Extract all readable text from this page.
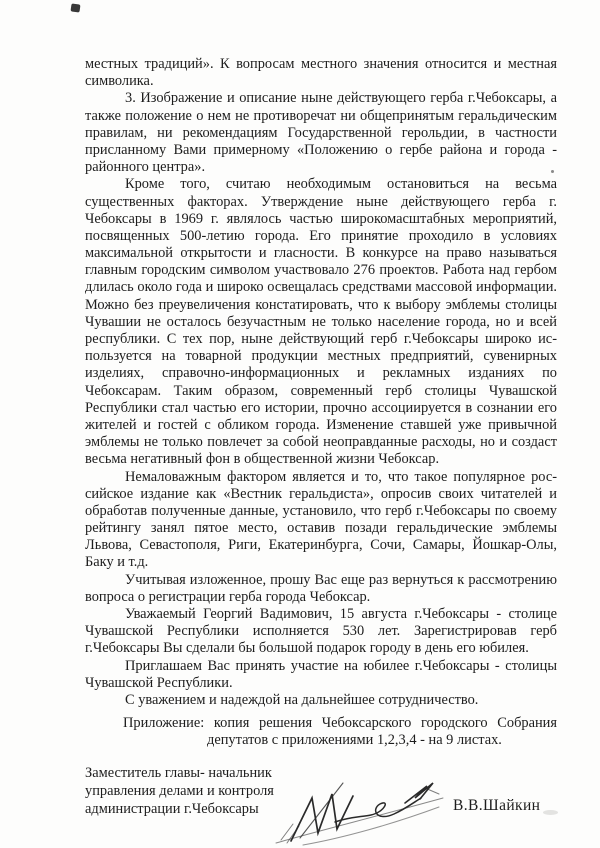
местных традиций». К вопросам местного значения относится и местная
символика.
3. Изображение и описание ныне действующего герба г.Чебоксары, а
также положение о нем не противоречат ни общепринятым геральдическим
правилам, ни рекомендациям Государственной герольдии, в частности
присланному Вами примерному «Положению о гербе района и города -
районного центра».
Кроме того, считаю необходимым остановиться на весьма
существенных факторах. Утверждение ныне действующего герба г.
Чебоксары в 1969 г. являлось частью широкомасштабных мероприятий,
посвященных 500-летию города. Его принятие проходило в условиях
максимальной открытости и гласности. В конкурсе на право называться
главным городским символом участвовало 276 проектов. Работа над гербом
длилась около года и широко освещалась средствами массовой информации.
Можно без преувеличения констатировать, что к выбору эмблемы столицы
Чувашии не осталось безучастным не только население города, но и всей
республики. С тех пор, ныне действующий герб г.Чебоксары широко ис-
пользуется на товарной продукции местных предприятий, сувенирных
изделиях, справочно-информационных и рекламных изданиях по
Чебоксарам. Таким образом, современный герб столицы Чувашской
Республики стал частью его истории, прочно ассоциируется в сознании его
жителей и гостей с обликом города. Изменение ставшей уже привычной
эмблемы не только повлечет за собой неоправданные расходы, но и создаст
весьма негативный фон в общественной жизни Чебоксар.
Немаловажным фактором является и то, что такое популярное рос-
сийское издание как «Вестник геральдиста», опросив своих читателей и
обработав полученные данные, установило, что герб г.Чебоксары по своему
рейтингу занял пятое место, оставив позади геральдические эмблемы
Львова, Севастополя, Риги, Екатеринбурга, Сочи, Самары, Йошкар-Олы,
Баку и т.д.
Учитывая изложенное, прошу Вас еще раз вернуться к рассмотрению
вопроса о регистрации герба города Чебоксар.
Уважаемый Георгий Вадимович, 15 августа г.Чебоксары - столице
Чувашской Республики исполняется 530 лет. Зарегистрировав герб
г.Чебоксары Вы сделали бы большой подарок городу в день его юбилея.
Приглашаем Вас принять участие на юбилее г.Чебоксары - столицы
Чувашской Республики.
С уважением и надеждой на дальнейшее сотрудничество.
Приложение: копия решения Чебоксарского городского Собрания
депутатов с приложениями 1,2,3,4 - на 9 листах.
Заместитель главы- начальник
управления делами и контроля
администрации г.Чебоксары	В.В.Шайкин
